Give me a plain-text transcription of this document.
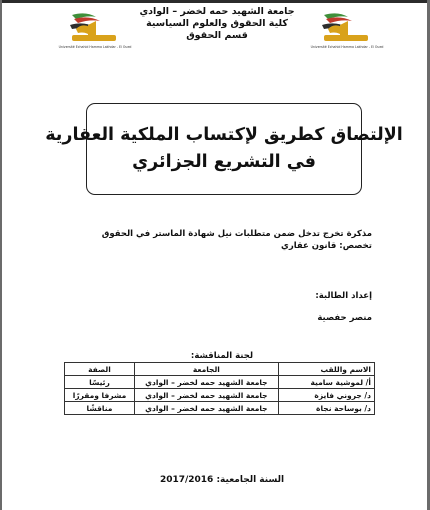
Université Echahid Hamma Lakhdar - El Oued	Université Echahid Hamma Lakhdar - El Oued
جامعة الشهيد حمه لخضر – الوادي
كلية الحقوق والعلوم السياسية
قسم الحقوق
الإلتصاق كطريق لإكتساب الملكية العقارية
في التشريع الجزائري
مذكرة تخرج تدخل ضمن متطلبات نيل شهادة الماستر في الحقوق
تخصص: قانون عقاري
إعداد الطالبة:
منصر حفصية
لجنة المناقشة:
الاسم واللقب	الجامعة	الصفة
أ/ لموشية سامية	جامعة الشهيد حمه لخضر – الوادي	رئيسًا
د/ جروني فايزة	جامعة الشهيد حمه لخضر – الوادي	مشرفا ومقررًا
د/ بوساحة نجاة	جامعة الشهيد حمه لخضر – الوادي	مناقشًا
السنة الجامعية: 2017/2016
